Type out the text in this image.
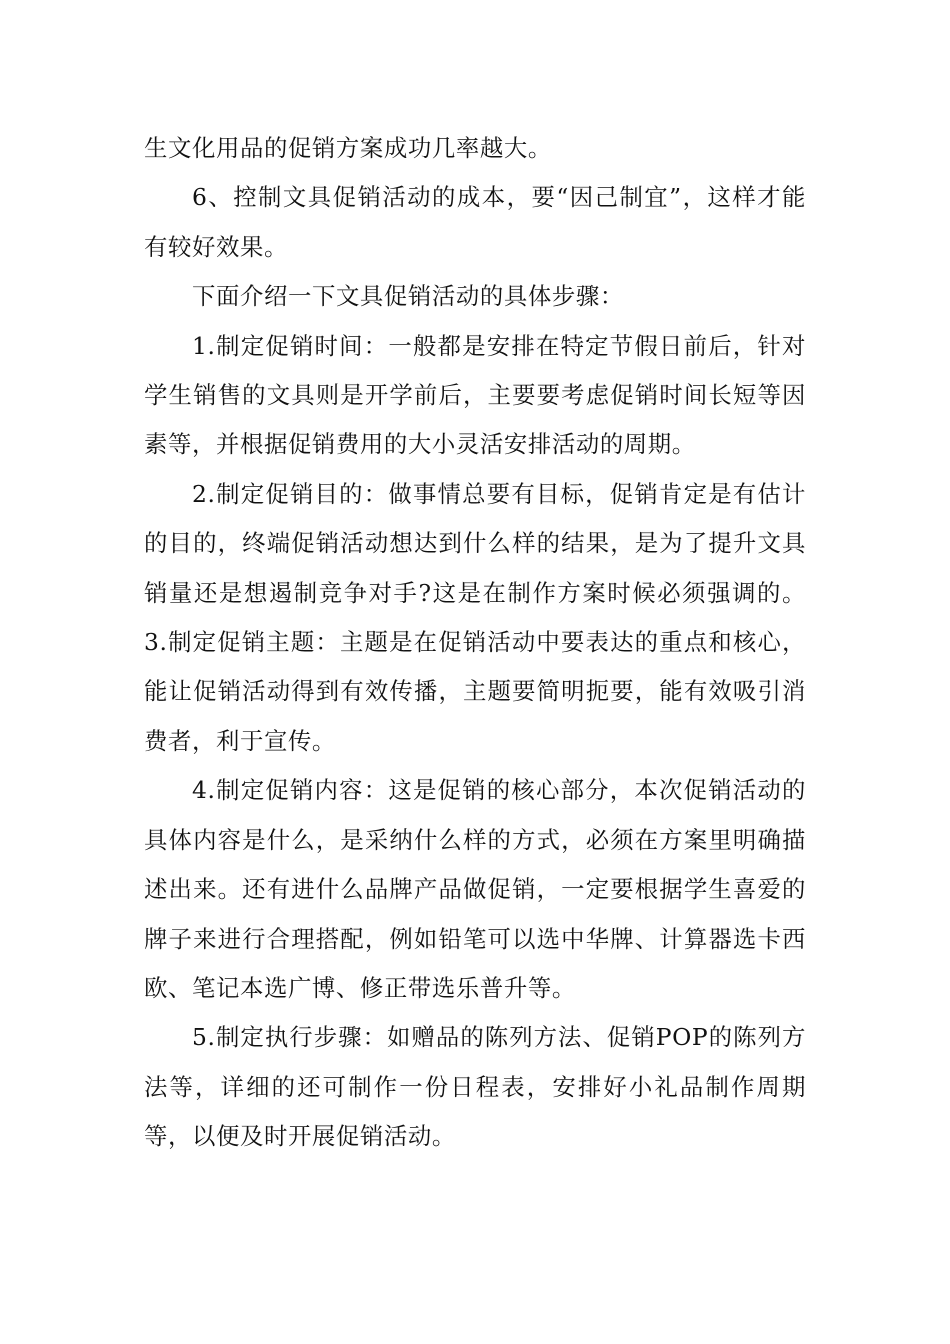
生文化用品的促销方案成功几率越大。

6、控制文具促销活动的成本，要“因己制宜”，这样才能有较好效果。

下面介绍一下文具促销活动的具体步骤：

1.制定促销时间：一般都是安排在特定节假日前后，针对学生销售的文具则是开学前后，主要要考虑促销时间长短等因素等，并根据促销费用的大小灵活安排活动的周期。

2.制定促销目的：做事情总要有目标，促销肯定是有估计的目的，终端促销活动想达到什么样的结果，是为了提升文具销量还是想遏制竞争对手?这是在制作方案时候必须强调的。 3.制定促销主题：主题是在促销活动中要表达的重点和核心，能让促销活动得到有效传播，主题要简明扼要，能有效吸引消费者，利于宣传。

4.制定促销内容：这是促销的核心部分，本次促销活动的具体内容是什么，是采纳什么样的方式，必须在方案里明确描述出来。还有进什么品牌产品做促销，一定要根据学生喜爱的牌子来进行合理搭配，例如铅笔可以选中华牌、计算器选卡西欧、笔记本选广博、修正带选乐普升等。

5.制定执行步骤：如赠品的陈列方法、促销POP的陈列方法等，详细的还可制作一份日程表，安排好小礼品制作周期等，以便及时开展促销活动。
